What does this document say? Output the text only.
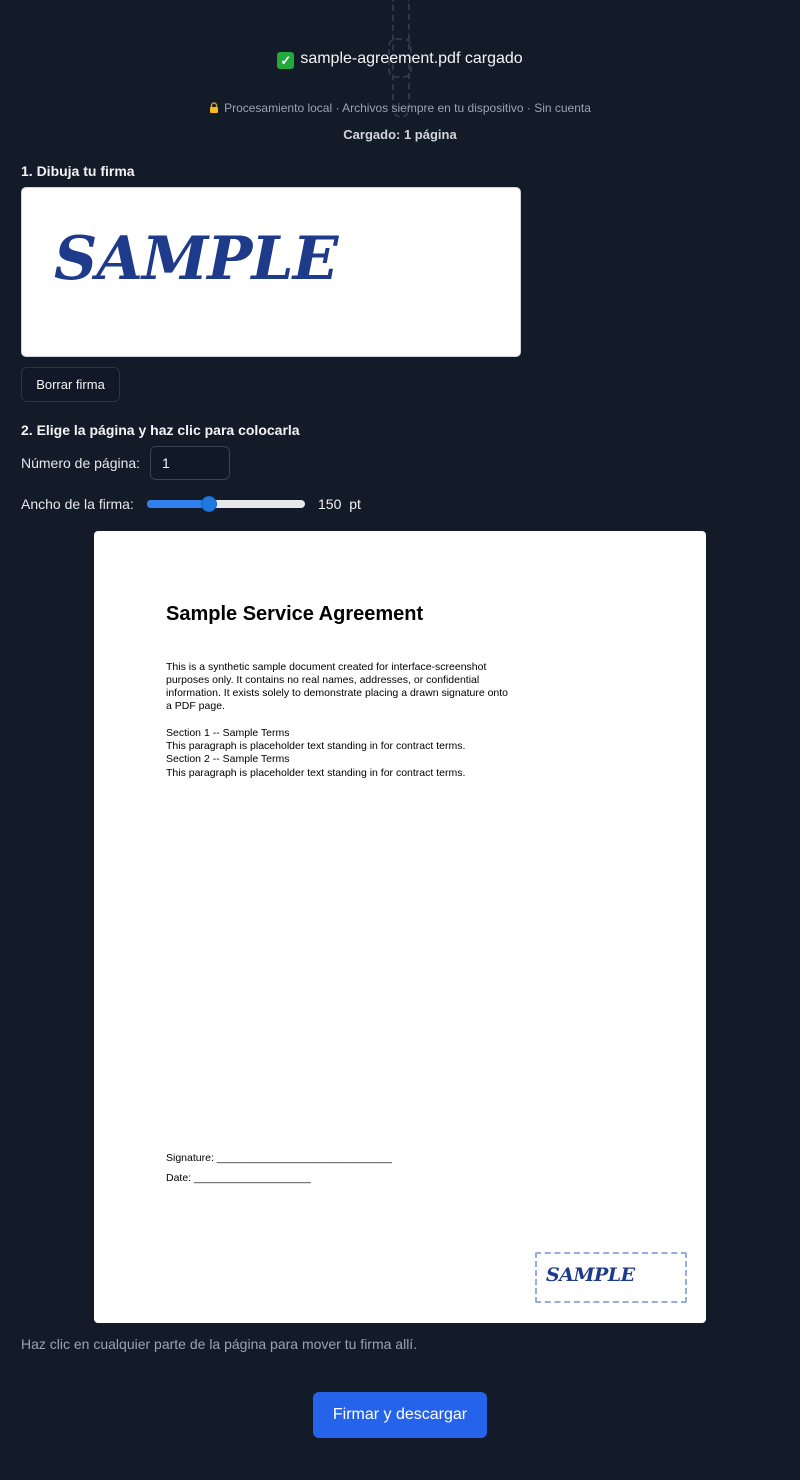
✓ sample-agreement.pdf cargado
Procesamiento local · Archivos siempre en tu dispositivo · Sin cuenta
Cargado: 1 página
1. Dibuja tu firma
SAMPLE
Borrar firma
2. Elige la página y haz clic para colocarla
Número de página:	1
Ancho de la firma:	150 pt
Sample Service Agreement
This is a synthetic sample document created for interface-screenshot purposes only. It contains no real names, addresses, or confidential information. It exists solely to demonstrate placing a drawn signature onto a PDF page.
Section 1 -- Sample Terms
This paragraph is placeholder text standing in for contract terms.
Section 2 -- Sample Terms
This paragraph is placeholder text standing in for contract terms.
Signature: ______________________________
Date: ____________________
SAMPLE
Haz clic en cualquier parte de la página para mover tu firma allí.
Firmar y descargar
